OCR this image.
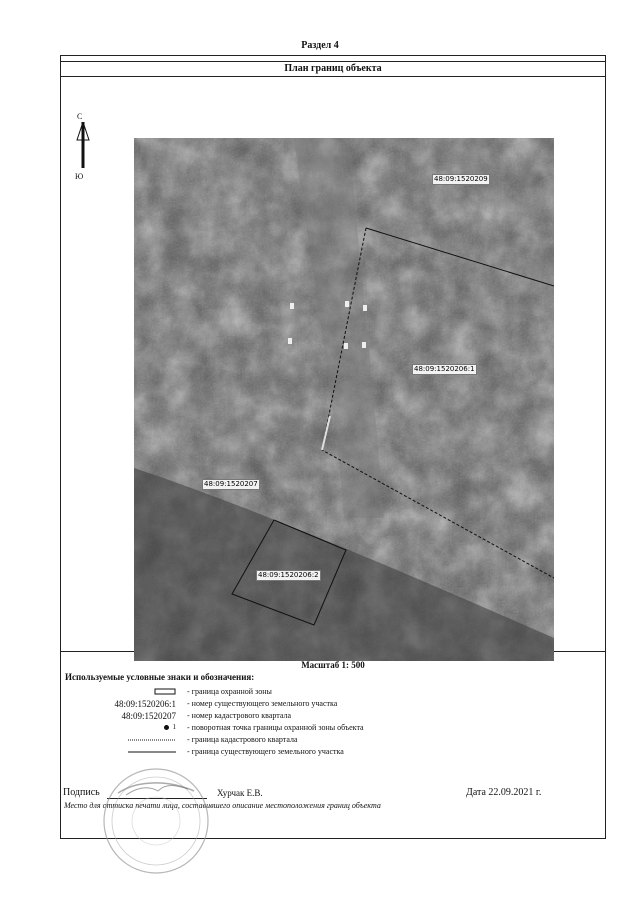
Раздел 4
План границ объекта
С
Ю	48:09:1520209
48:09:1520206:1
48:09:1520207
48:09:1520206:2
Масштаб 1: 500
Используемые условные знаки и обозначения:
- граница охранной зоны
48:09:1520206:1 - номер существующего земельного участка
48:09:1520207 - номер кадастрового квартала
1 - поворотная точка границы охранной зоны объекта
- граница кадастрового квартала
- граница существующего земельного участка
Подпись	Хурчак Е.В.	Дата 22.09.2021 г.
Место для оттиска печати лица, составившего описание местоположения границ объекта
